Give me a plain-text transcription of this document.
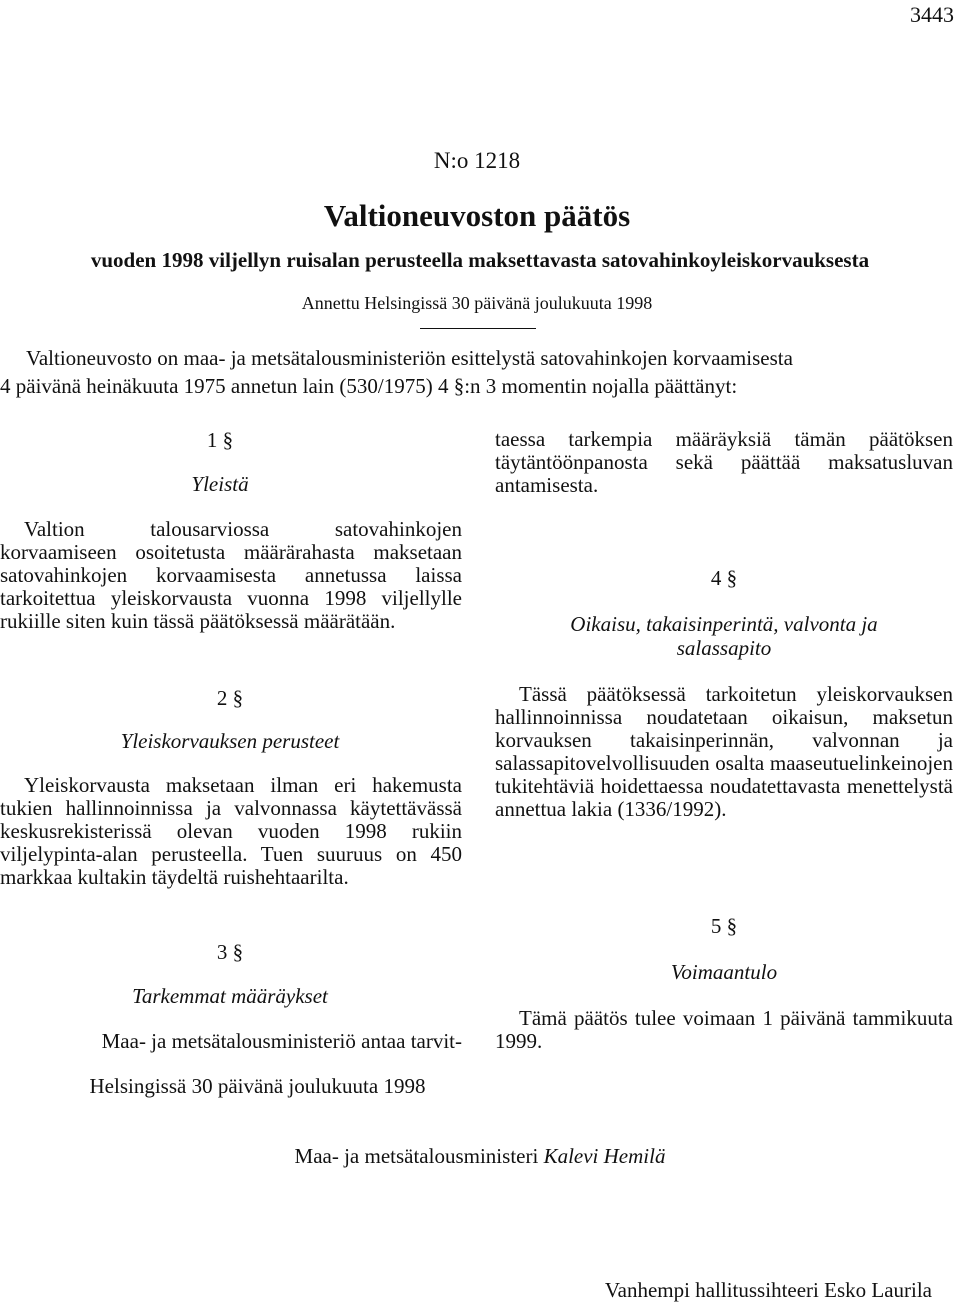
3443
N:o 1218
Valtioneuvoston päätös
vuoden 1998 viljellyn ruisalan perusteella maksettavasta satovahinkoyleiskorvauksesta
Annettu Helsingissä 30 päivänä joulukuuta 1998

Valtioneuvosto on maa- ja metsätalousministeriön esittelystä satovahinkojen korvaamisesta

4 päivänä heinäkuuta 1975 annetun lain (530/1975) 4 §:n 3 momentin nojalla päättänyt:

1 §
Yleistä

Valtion talousarviossa satovahinkojen korvaamiseen osoitetusta määrärahasta maksetaan satovahinkojen korvaamisesta annetussa laissa tarkoitettua yleiskorvausta vuonna 1998 viljellylle rukiille siten kuin tässä päätöksessä määrätään.

2 §
Yleiskorvauksen perusteet

Yleiskorvausta maksetaan ilman eri hakemusta tukien hallinnoinnissa ja valvonnassa käytettävässä keskusrekisterissä olevan vuoden 1998 rukiin viljelypinta-alan perusteella. Tuen suuruus on 450 markkaa kultakin täydeltä ruishehtaarilta.

3 §
Tarkemmat määräykset

Maa- ja metsätalousministeriö antaa tarvit-

taessa tarkempia määräyksiä tämän päätöksen täytäntöönpanosta sekä päättää maksatusluvan antamisesta.

4 §
Oikaisu, takaisinperintä, valvonta ja salassapito

Tässä päätöksessä tarkoitetun yleiskorvauksen hallinnoinnissa noudatetaan oikaisun, maksetun korvauksen takaisinperinnän, valvonnan ja salassapitovelvollisuuden osalta maaseutuelinkeinojen tukitehtäviä hoidettaessa noudatettavasta menettelystä annettua lakia (1336/1992).

5 §
Voimaantulo

Tämä päätös tulee voimaan 1 päivänä tammikuuta 1999.

Helsingissä 30 päivänä joulukuuta 1998
Maa- ja metsätalousministeri Kalevi Hemilä
Vanhempi hallitussihteeri Esko Laurila
